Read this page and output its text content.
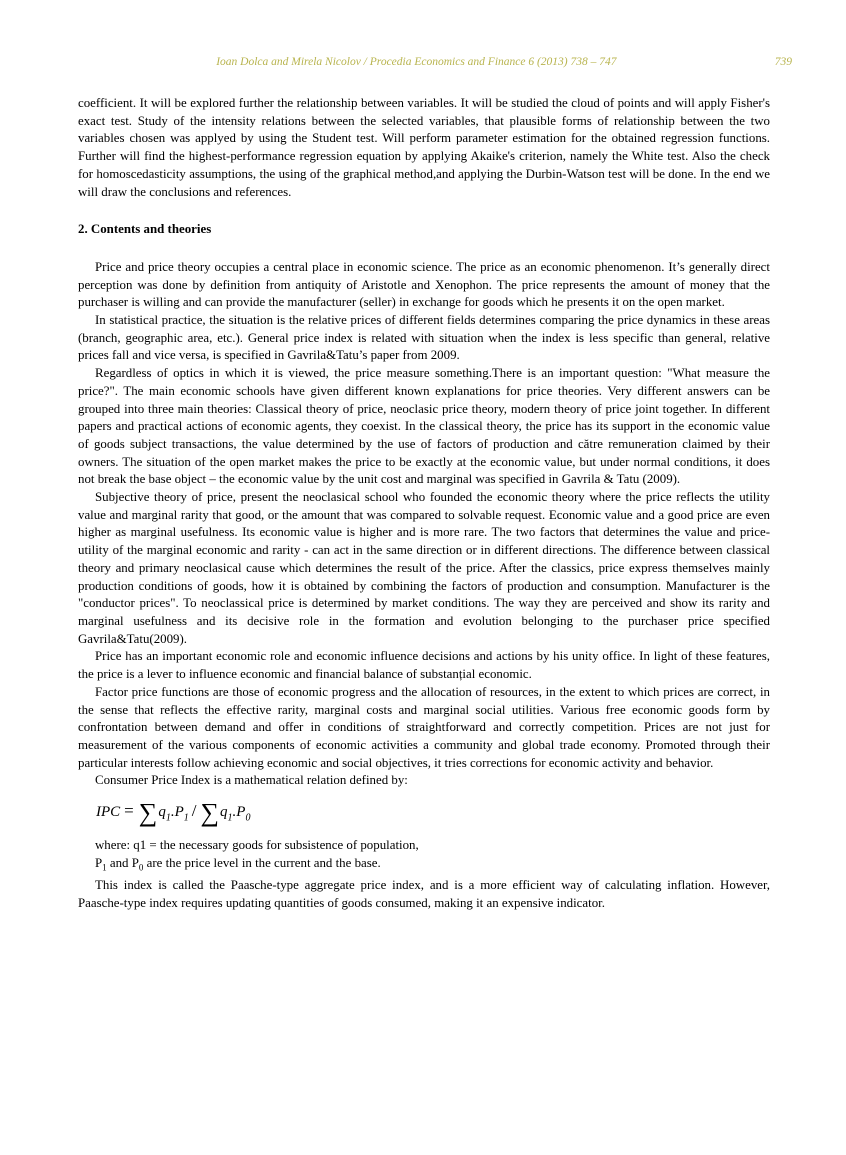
Ioan Dolca and Mirela Nicolov / Procedia Economics and Finance 6 (2013) 738 – 747	739

coefficient. It will be explored further the relationship between variables. It will be studied the cloud of points and will apply Fisher's exact test. Study of the intensity relations between the selected variables, that plausible forms of relationship between the two variables chosen was applyed by using the Student test. Will perform parameter estimation for the obtained regression functions. Further will find the highest-performance regression equation by applying Akaike's criterion, namely the White test. Also the check for homoscedasticity assumptions, the using of the graphical method,and applying the Durbin-Watson test will be done. In the end we will draw the conclusions and references.

2. Contents and theories

Price and price theory occupies a central place in economic science. The price as an economic phenomenon. It’s generally direct perception was done by definition from antiquity of Aristotle and Xenophon. The price represents the amount of money that the purchaser is willing and can provide the manufacturer (seller) in exchange for goods which he presents it on the open market.

In statistical practice, the situation is the relative prices of different fields determines comparing the price dynamics in these areas (branch, geographic area, etc.). General price index is related with situation when the index is less specific than general, relative prices fall and vice versa, is specified in Gavrila&Tatu’s paper from 2009.

Regardless of optics in which it is viewed, the price measure something.There is an important question: "What measure the price?". The main economic schools have given different known explanations for price theories. Very different answers can be grouped into three main theories: Classical theory of price, neoclasic price theory, modern theory of price joint together. In different papers and practical actions of economic agents, they coexist. In the classical theory, the price has its support in the economic value of goods subject transactions, the value determined by the use of factors of production and către remuneration claimed by their owners. The situation of the open market makes the price to be exactly at the economic value, but under normal conditions, it does not break the base object – the economic value by the unit cost and marginal was specified in Gavrila & Tatu (2009).

Subjective theory of price, present the neoclasical school who founded the economic theory where the price reflects the utility value and marginal rarity that good, or the amount that was compared to solvable request. Economic value and a good price are even higher as marginal usefulness. Its economic value is higher and is more rare. The two factors that determines the value and price-utility of the marginal economic and rarity - can act in the same direction or in different directions. The difference between classical theory and primary neoclasical cause which determines the result of the price. After the classics, price express themselves mainly production conditions of goods, how it is obtained by combining the factors of production and consumption. Manufacturer is the "conductor prices". To neoclassical price is determined by market conditions. The way they are perceived and show its rarity and marginal usefulness and its decisive role in the formation and evolution belonging to the purchaser price specified Gavrila&Tatu(2009).

Price has an important economic role and economic influence decisions and actions by his unity office. In light of these features, the price is a lever to influence economic and financial balance of substanțial economic.

Factor price functions are those of economic progress and the allocation of resources, in the extent to which prices are correct, in the sense that reflects the effective rarity, marginal costs and marginal social utilities. Various free economic goods form by confrontation between demand and offer in conditions of straightforward and correctly competition. Prices are not just for measurement of the various components of economic activities a community and global trade economy. Promoted through their particular interests follow achieving economic and social objectives, it tries corrections for economic activity and behavior.

Consumer Price Index is a mathematical relation defined by:

IPC = $\sum q_1.P_1 / \sum q_1.P_0$

where: q1 = the necessary goods for subsistence of population,

$P_1$ and $P_0$ are the price level in the current and the base.

This index is called the Paasche-type aggregate price index, and is a more efficient way of calculating inflation. However, Paasche-type index requires updating quantities of goods consumed, making it an expensive indicator.
